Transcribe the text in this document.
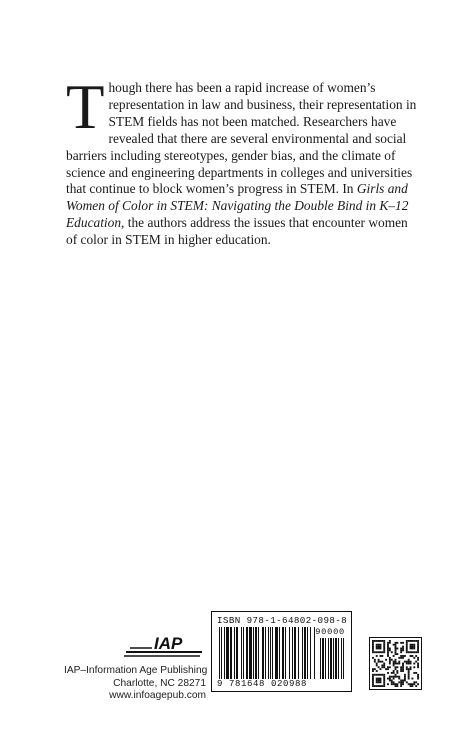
Though there has been a rapid increase of women’s representation in law and business, their representation in STEM fields has not been matched. Researchers have revealed that there are several environmental and social barriers including stereotypes, gender bias, and the climate of science and engineering departments in colleges and universities that continue to block women’s progress in STEM. In Girls and Women of Color in STEM: Navigating the Double Bind in K–12 Education, the authors address the issues that encounter women of color in STEM in higher education.

IAP
IAP–Information Age Publishing
Charlotte, NC 28271
www.infoagepub.com
ISBN 978-1-64802-098-8
90000
9 781648 020988
